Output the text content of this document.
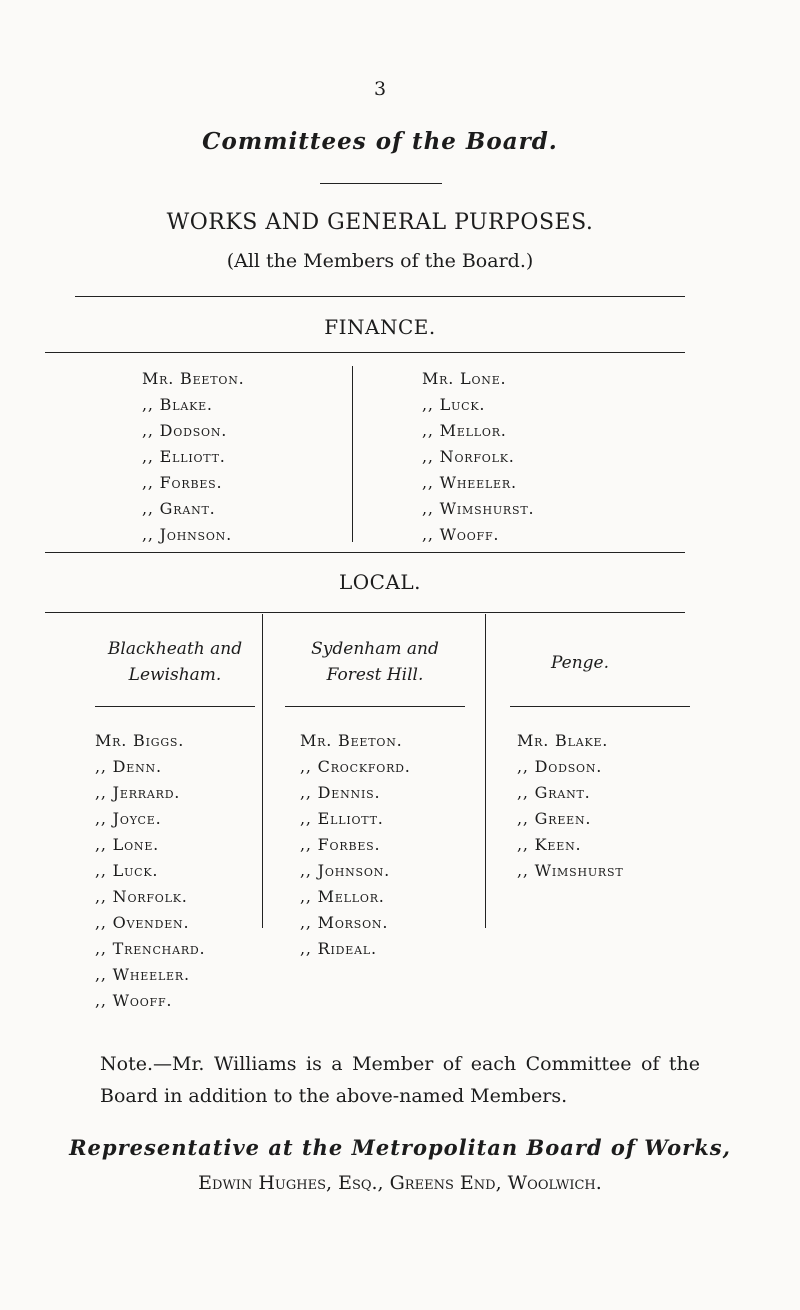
3
Committees of the Board.
WORKS AND GENERAL PURPOSES.
(All the Members of the Board.)
FINANCE.
Mr. Beeton.
,, Blake.
,, Dodson.
,, Elliott.
,, Forbes.
,, Grant.
,, Johnson.
Mr. Lone.
,, Luck.
,, Mellor.
,, Norfolk.
,, Wheeler.
,, Wimshurst.
,, Wooff.
LOCAL.
Blackheath and Lewisham.
Sydenham and Forest Hill.
Penge.
Mr. Biggs.
,, Denn.
,, Jerrard.
,, Joyce.
,, Lone.
,, Luck.
,, Norfolk.
,, Ovenden.
,, Trenchard.
,, Wheeler.
,, Wooff.
Mr. Beeton.
,, Crockford.
,, Dennis.
,, Elliott.
,, Forbes.
,, Johnson.
,, Mellor.
,, Morson.
,, Rideal.
Mr. Blake.
,, Dodson.
,, Grant.
,, Green.
,, Keen.
,, Wimshurst
Note.—Mr. Williams is a Member of each Committee of the Board in addition to the above-named Members.
Representative at the Metropolitan Board of Works,
Edwin Hughes, Esq., Greens End, Woolwich.
